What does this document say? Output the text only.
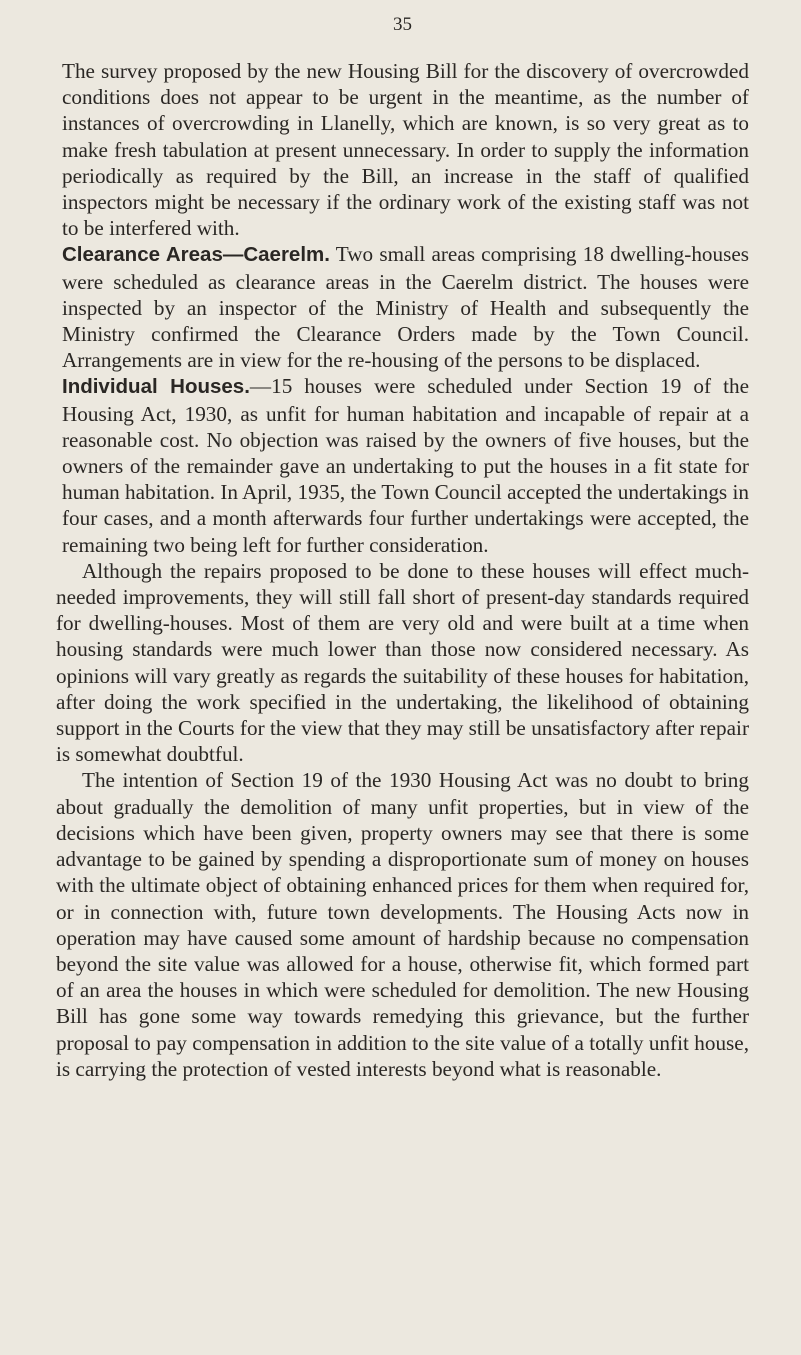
35

The survey proposed by the new Housing Bill for the discovery of overcrowded conditions does not appear to be urgent in the meantime, as the number of instances of overcrowding in Llanelly, which are known, is so very great as to make fresh tabulation at present unnecessary. In order to supply the information periodically as required by the Bill, an increase in the staff of qualified inspectors might be necessary if the ordinary work of the existing staff was not to be interfered with.

Clearance Areas—Caerelm. Two small areas comprising 18 dwelling-houses were scheduled as clearance areas in the Caerelm district. The houses were inspected by an inspector of the Ministry of Health and subsequently the Ministry confirmed the Clearance Orders made by the Town Council. Arrangements are in view for the re-housing of the persons to be displaced.

Individual Houses.—15 houses were scheduled under Section 19 of the Housing Act, 1930, as unfit for human habitation and incapable of repair at a reasonable cost. No objection was raised by the owners of five houses, but the owners of the remainder gave an undertaking to put the houses in a fit state for human habitation. In April, 1935, the Town Council accepted the undertakings in four cases, and a month afterwards four further undertakings were accepted, the remaining two being left for further consideration.

Although the repairs proposed to be done to these houses will effect much-needed improvements, they will still fall short of present-day standards required for dwelling-houses. Most of them are very old and were built at a time when housing standards were much lower than those now considered necessary. As opinions will vary greatly as regards the suitability of these houses for habitation, after doing the work specified in the undertaking, the likelihood of obtaining support in the Courts for the view that they may still be unsatisfactory after repair is somewhat doubtful.

The intention of Section 19 of the 1930 Housing Act was no doubt to bring about gradually the demolition of many unfit properties, but in view of the decisions which have been given, property owners may see that there is some advantage to be gained by spending a disproportionate sum of money on houses with the ultimate object of obtaining enhanced prices for them when required for, or in connection with, future town developments. The Housing Acts now in operation may have caused some amount of hardship because no compensation beyond the site value was allowed for a house, otherwise fit, which formed part of an area the houses in which were scheduled for demolition. The new Housing Bill has gone some way towards remedying this grievance, but the further proposal to pay compensation in addition to the site value of a totally unfit house, is carrying the protection of vested interests beyond what is reasonable.
